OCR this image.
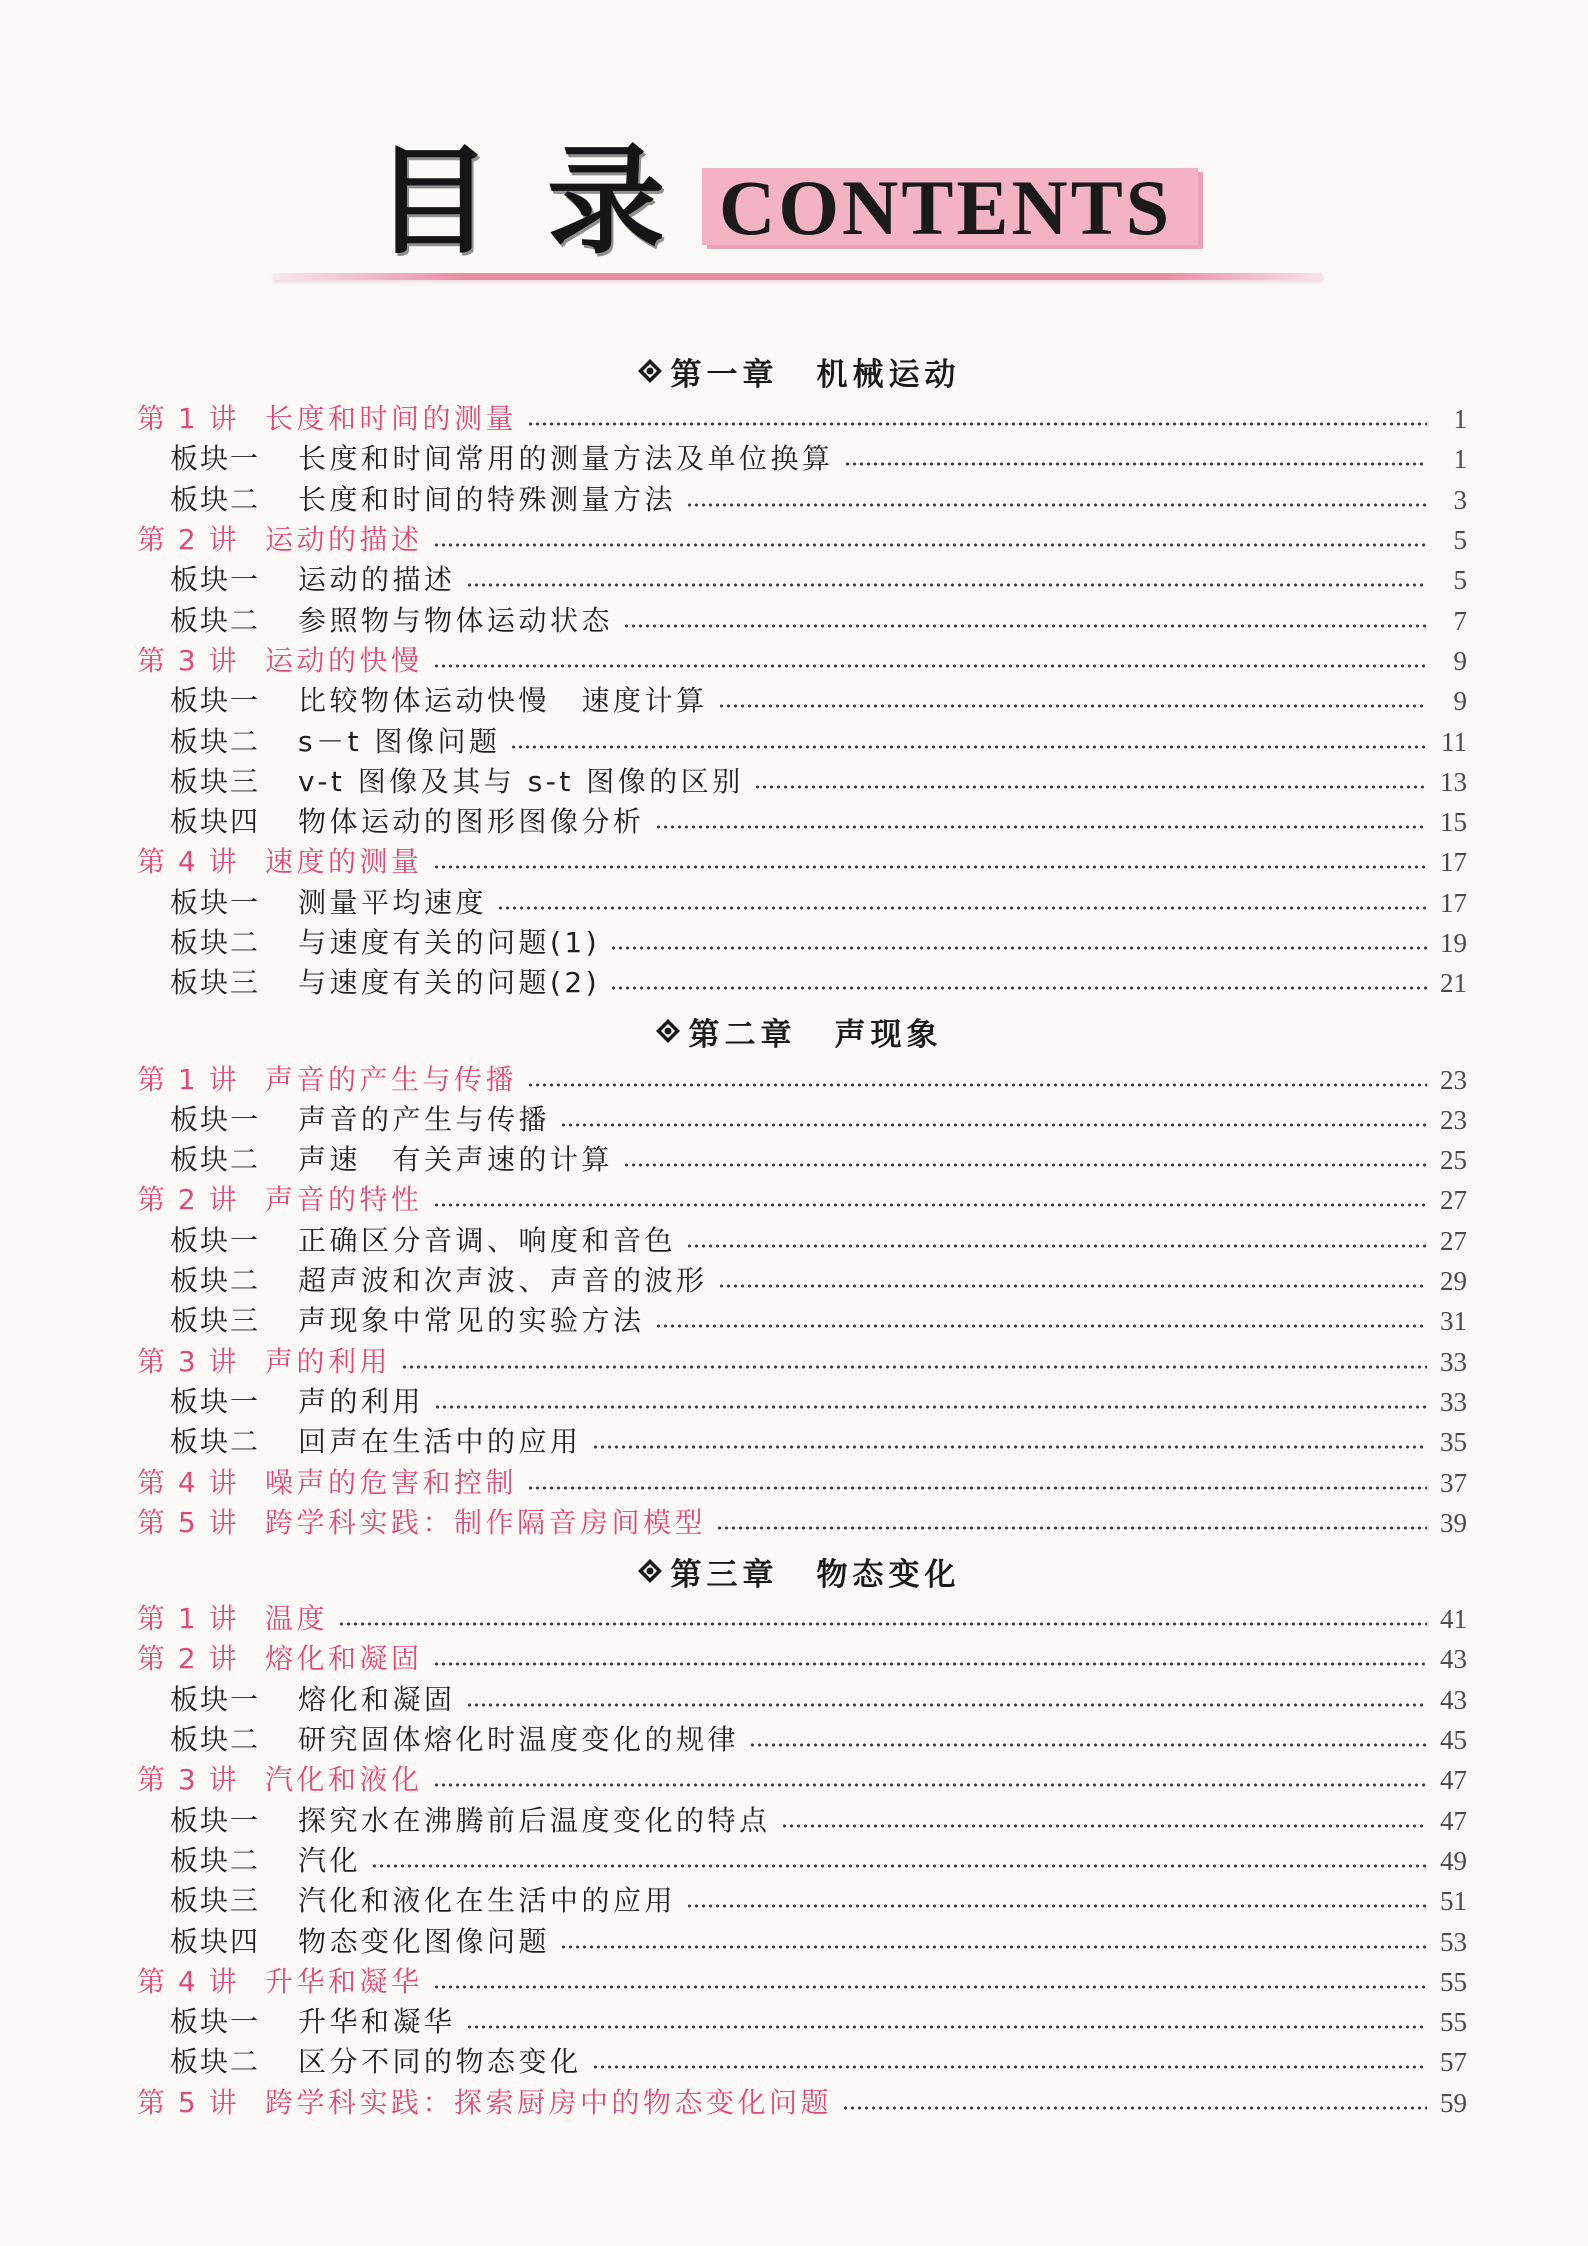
目 录 CONTENTS
第一章 机械运动
第 1 讲 长度和时间的测量	1
板块一	长度和时间常用的测量方法及单位换算	1
板块二	长度和时间的特殊测量方法	3
第 2 讲 运动的描述	5
板块一	运动的描述	5
板块二	参照物与物体运动状态	7
第 3 讲 运动的快慢	9
板块一	比较物体运动快慢　速度计算	9
板块二	s－t 图像问题	11
板块三	v-t 图像及其与 s-t 图像的区别	13
板块四	物体运动的图形图像分析	15
第 4 讲 速度的测量	17
板块一	测量平均速度	17
板块二	与速度有关的问题(1)	19
板块三	与速度有关的问题(2)	21
第二章 声现象
第 1 讲 声音的产生与传播	23
板块一	声音的产生与传播	23
板块二	声速　有关声速的计算	25
第 2 讲 声音的特性	27
板块一	正确区分音调、响度和音色	27
板块二	超声波和次声波、声音的波形	29
板块三	声现象中常见的实验方法	31
第 3 讲 声的利用	33
板块一	声的利用	33
板块二	回声在生活中的应用	35
第 4 讲 噪声的危害和控制	37
第 5 讲 跨学科实践：制作隔音房间模型	39
第三章 物态变化
第 1 讲 温度	41
第 2 讲 熔化和凝固	43
板块一	熔化和凝固	43
板块二	研究固体熔化时温度变化的规律	45
第 3 讲 汽化和液化	47
板块一	探究水在沸腾前后温度变化的特点	47
板块二	汽化	49
板块三	汽化和液化在生活中的应用	51
板块四	物态变化图像问题	53
第 4 讲 升华和凝华	55
板块一	升华和凝华	55
板块二	区分不同的物态变化	57
第 5 讲 跨学科实践：探索厨房中的物态变化问题	59
